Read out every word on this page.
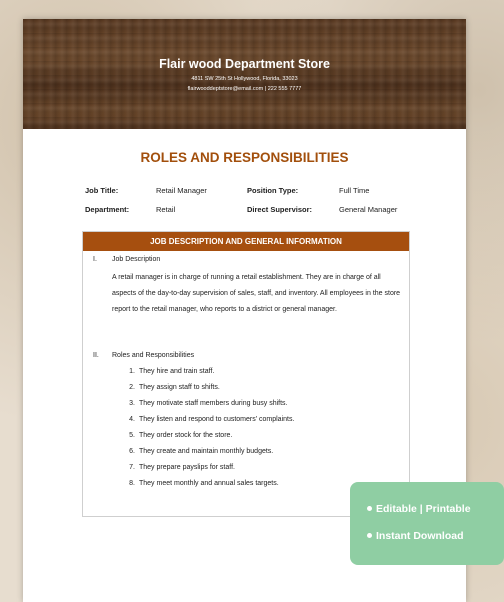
Flair wood Department Store
4811 SW 25th St Hollywood, Florida, 33023
flairwooddeptstore@email.com | 222 555 7777
ROLES AND RESPONSIBILITIES
Job Title:	Retail Manager	Position Type:	Full Time
Department:	Retail	Direct Supervisor:	General Manager
JOB DESCRIPTION AND GENERAL INFORMATION
I. Job Description
A retail manager is in charge of running a retail establishment. They are in charge of all aspects of the day-to-day supervision of sales, staff, and inventory. All employees in the store report to the retail manager, who reports to a district or general manager.
II. Roles and Responsibilities
1. They hire and train staff.
2. They assign staff to shifts.
3. They motivate staff members during busy shifts.
4. They listen and respond to customers' complaints.
5. They order stock for the store.
6. They create and maintain monthly budgets.
7. They prepare payslips for staff.
8. They meet monthly and annual sales targets.
Editable | Printable
Instant Download
